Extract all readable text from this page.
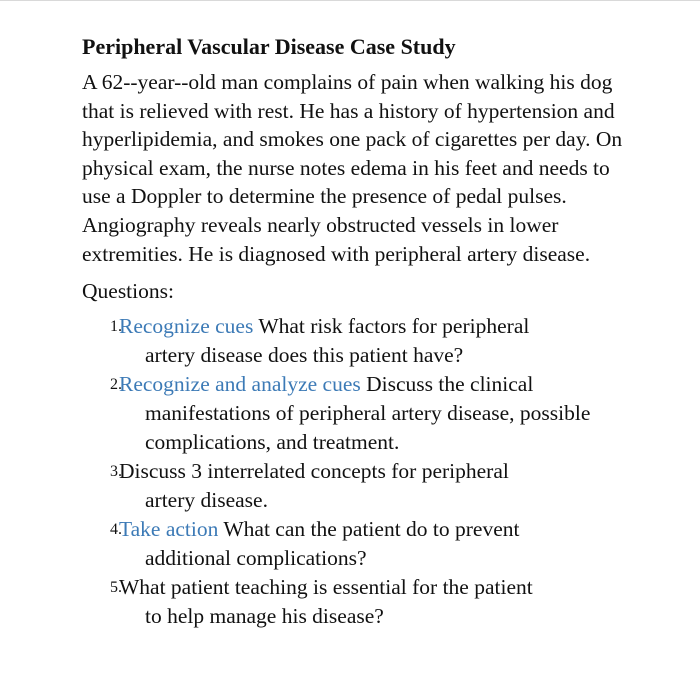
Peripheral Vascular Disease Case Study

A 62--year--old man complains of pain when walking his dog that is relieved with rest. He has a history of hypertension and hyperlipidemia, and smokes one pack of cigarettes per day. On physical exam, the nurse notes edema in his feet and needs to use a Doppler to determine the presence of pedal pulses. Angiography reveals nearly obstructed vessels in lower extremities. He is diagnosed with peripheral artery disease.

Questions:
1.
Recognize cues What risk factors for peripheral
artery disease does this patient have?
2.
Recognize and analyze cues Discuss the clinical
manifestations of peripheral artery disease, possible complications, and treatment.
3.
Discuss 3 interrelated concepts for peripheral
artery disease.
4.
Take action What can the patient do to prevent
additional complications?
5.
What patient teaching is essential for the patient
to help manage his disease?
